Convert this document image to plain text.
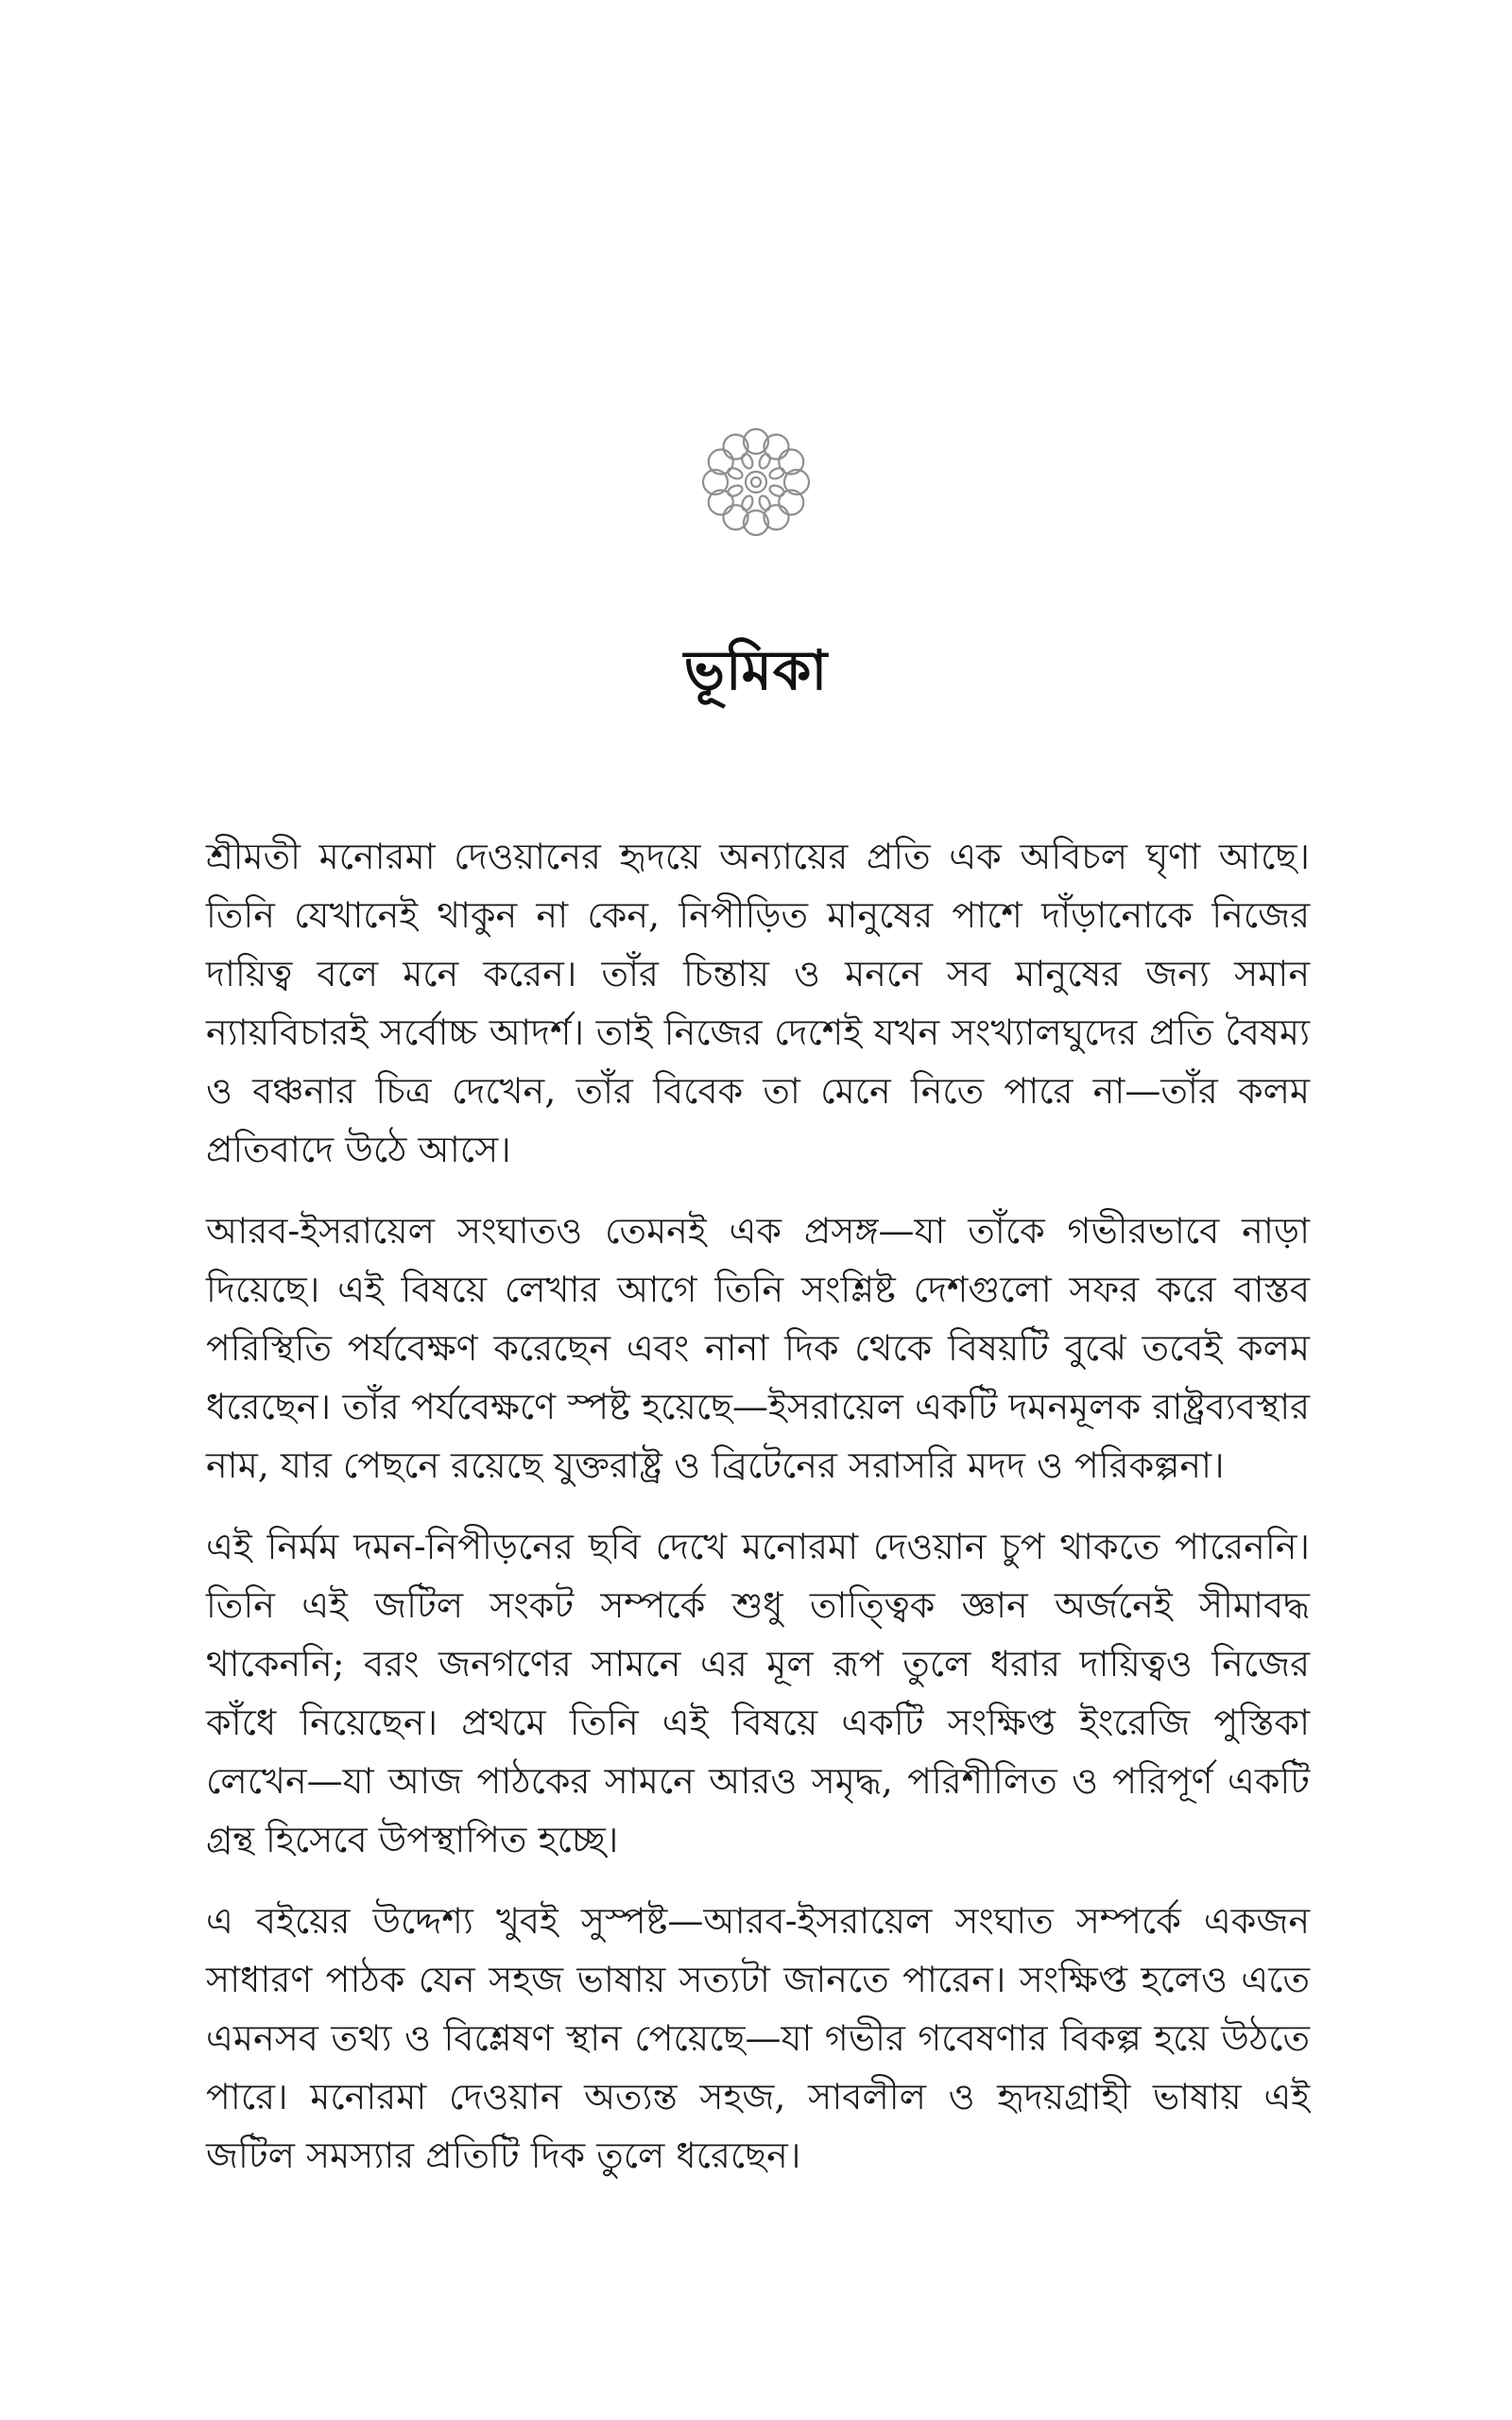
ভূমিকা

শ্রীমতী মনোরমা দেওয়ানের হৃদয়ে অন্যায়ের প্রতি এক অবিচল ঘৃণা আছে। তিনি যেখানেই থাকুন না কেন, নিপীড়িত মানুষের পাশে দাঁড়ানোকে নিজের দায়িত্ব বলে মনে করেন। তাঁর চিন্তায় ও মননে সব মানুষের জন্য সমান ন্যায়বিচারই সর্বোচ্চ আদর্শ। তাই নিজের দেশেই যখন সংখ্যালঘুদের প্রতি বৈষম্য ও বঞ্চনার চিত্র দেখেন, তাঁর বিবেক তা মেনে নিতে পারে না—তাঁর কলম প্রতিবাদে উঠে আসে।

আরব-ইসরায়েল সংঘাতও তেমনই এক প্রসঙ্গ—যা তাঁকে গভীরভাবে নাড়া দিয়েছে। এই বিষয়ে লেখার আগে তিনি সংশ্লিষ্ট দেশগুলো সফর করে বাস্তব পরিস্থিতি পর্যবেক্ষণ করেছেন এবং নানা দিক থেকে বিষয়টি বুঝে তবেই কলম ধরেছেন। তাঁর পর্যবেক্ষণে স্পষ্ট হয়েছে—ইসরায়েল একটি দমনমূলক রাষ্ট্রব্যবস্থার নাম, যার পেছনে রয়েছে যুক্তরাষ্ট্র ও ব্রিটেনের সরাসরি মদদ ও পরিকল্পনা।

এই নির্মম দমন-নিপীড়নের ছবি দেখে মনোরমা দেওয়ান চুপ থাকতে পারেননি। তিনি এই জটিল সংকট সম্পর্কে শুধু তাত্ত্বিক জ্ঞান অর্জনেই সীমাবদ্ধ থাকেননি; বরং জনগণের সামনে এর মূল রূপ তুলে ধরার দায়িত্বও নিজের কাঁধে নিয়েছেন। প্রথমে তিনি এই বিষয়ে একটি সংক্ষিপ্ত ইংরেজি পুস্তিকা লেখেন—যা আজ পাঠকের সামনে আরও সমৃদ্ধ, পরিশীলিত ও পরিপূর্ণ একটি গ্রন্থ হিসেবে উপস্থাপিত হচ্ছে।

এ বইয়ের উদ্দেশ্য খুবই সুস্পষ্ট—আরব-ইসরায়েল সংঘাত সম্পর্কে একজন সাধারণ পাঠক যেন সহজ ভাষায় সত্যটা জানতে পারেন। সংক্ষিপ্ত হলেও এতে এমনসব তথ্য ও বিশ্লেষণ স্থান পেয়েছে—যা গভীর গবেষণার বিকল্প হয়ে উঠতে পারে। মনোরমা দেওয়ান অত্যন্ত সহজ, সাবলীল ও হৃদয়গ্রাহী ভাষায় এই জটিল সমস্যার প্রতিটি দিক তুলে ধরেছেন।
